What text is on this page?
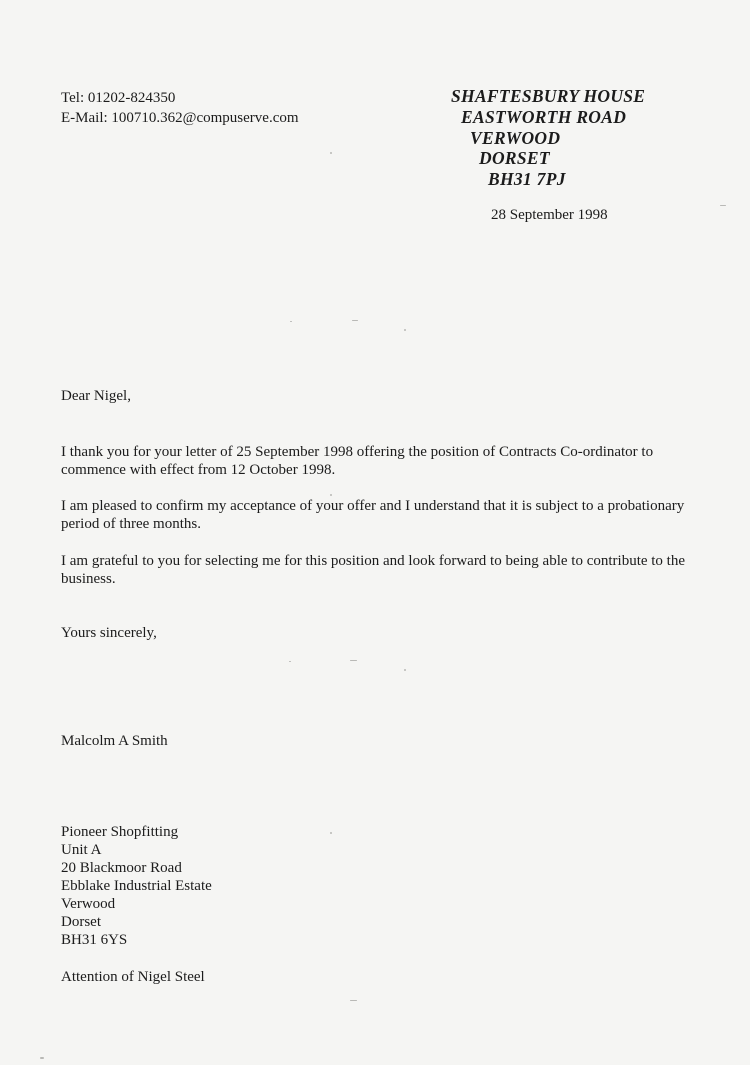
Tel: 01202-824350
E-Mail: 100710.362@compuserve.com

SHAFTESBURY HOUSE

EASTWORTH ROAD

VERWOOD

DORSET

BH31 7PJ

28 September 1998
Dear Nigel,
I thank you for your letter of 25 September 1998 offering the position of Contracts Co-ordinator to commence with effect from 12 October 1998.
I am pleased to confirm my acceptance of your offer and I understand that it is subject to a probationary period of three months.
I am grateful to you for selecting me for this position and look forward to being able to contribute to the business.
Yours sincerely,
Malcolm A Smith
Pioneer Shopfitting
Unit A
20 Blackmoor Road
Ebblake Industrial Estate
Verwood
Dorset
BH31 6YS
Attention of Nigel Steel
